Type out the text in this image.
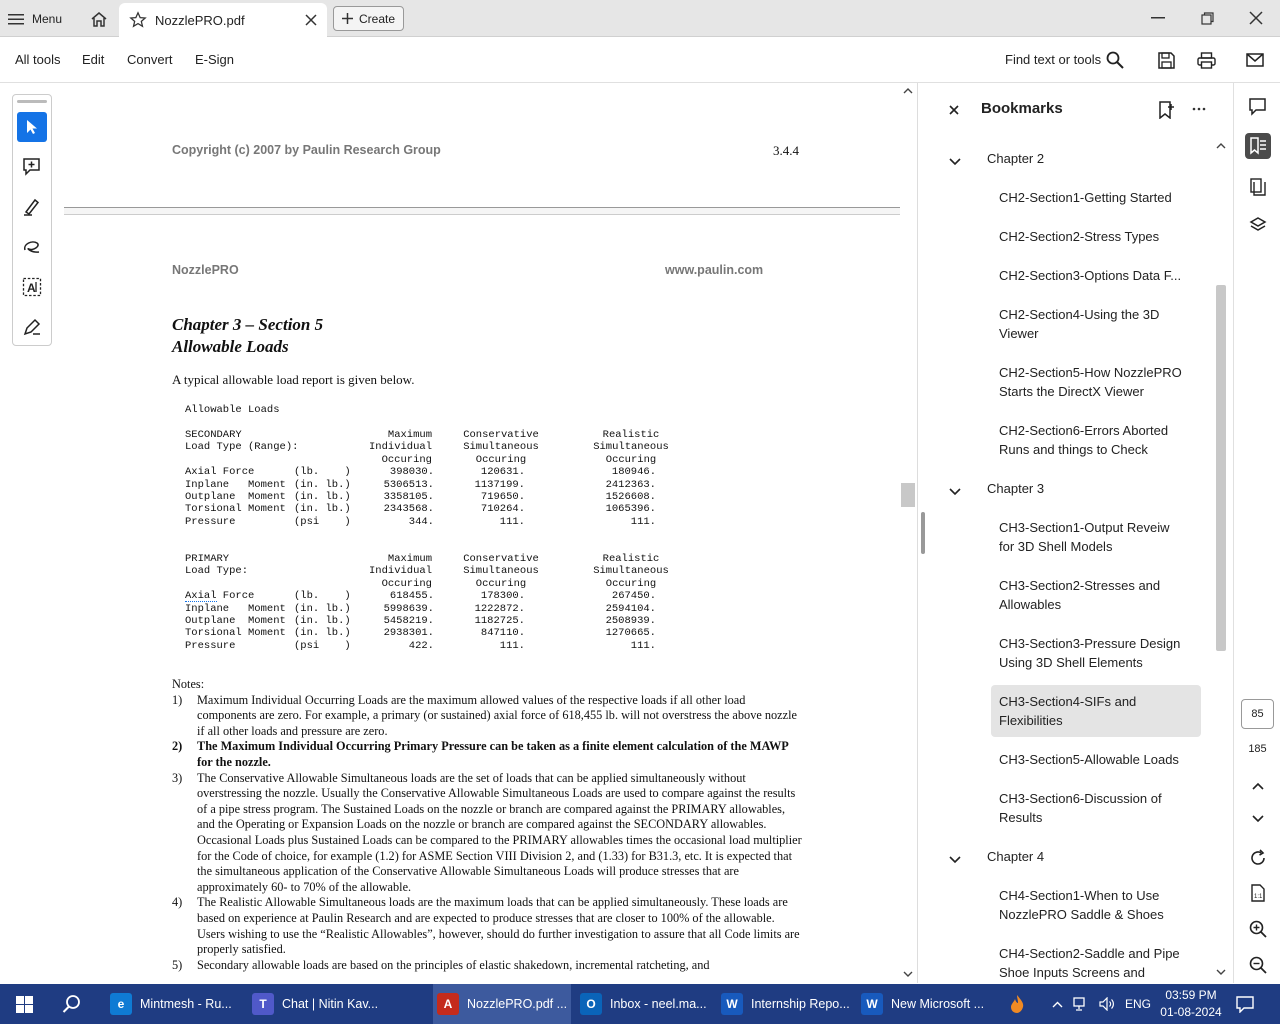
Menu	NozzlePRO.pdf	Create
All tools Edit Convert E-Sign	Find text or tools
A
Copyright (c) 2007 by Paulin Research Group	3.4.4
NozzlePRO	www.paulin.com
Chapter 3 – Section 5
Allowable Loads
A typical allowable load report is given below.
Allowable Loads
SECONDARY
Load Type (Range):
Maximum	Conservative	Realistic
Individual	Simultaneous	Simultaneous
Occuring	Occuring	Occuring
Axial Force	(lb.    )	398030.	120631.	180946.
Inplane   Moment (in. lb.)	5306513.	1137199.	2412363.
Outplane  Moment (in. lb.)	3358105.	719650.	1526608.
Torsional Moment (in. lb.)	2343568.	710264.	1065396.
Pressure	(psi    )	344.	111.	111.
PRIMARY
Load Type:
Maximum	Conservative	Realistic
Individual	Simultaneous	Simultaneous
Occuring	Occuring	Occuring
Axial Force	(lb.    )	618455.	178300.	267450.
Inplane   Moment (in. lb.)	5998639.	1222872.	2594104.
Outplane  Moment (in. lb.)	5458219.	1182725.	2508939.
Torsional Moment (in. lb.)	2938301.	847110.	1270665.
Pressure	(psi    )	422.	111.	111.
Notes:
1)	Maximum Individual Occurring Loads are the maximum allowed values of the respective loads if all other load components are zero. For example, a primary (or sustained) axial force of 618,455 lb. will not overstress the above nozzle if all other loads and pressure are zero.
2)	The Maximum Individual Occurring Primary Pressure can be taken as a finite element calculation of the MAWP for the nozzle.
3)	The Conservative Allowable Simultaneous loads are the set of loads that can be applied simultaneously without overstressing the nozzle. Usually the Conservative Allowable Simultaneous Loads are used to compare against the results of a pipe stress program. The Sustained Loads on the nozzle or branch are compared against the PRIMARY allowables, and the Operating or Expansion Loads on the nozzle or branch are compared against the SECONDARY allowables. Occasional Loads plus Sustained Loads can be compared to the PRIMARY allowables times the occasional load multiplier for the Code of choice, for example (1.2) for ASME Section VIII Division 2, and (1.33) for B31.3, etc. It is expected that the simultaneous application of the Conservative Allowable Simultaneous Loads will produce stresses that are approximately 60- to 70% of the allowable.
4)	The Realistic Allowable Simultaneous loads are the maximum loads that can be applied simultaneously. These loads are based on experience at Paulin Research and are expected to produce stresses that are closer to 100% of the allowable. Users wishing to use the “Realistic Allowables”, however, should do further investigation to assure that all Code limits are properly satisfied.
5)	Secondary allowable loads are based on the principles of elastic shakedown, incremental ratcheting, and
Bookmarks
Chapter 2
CH2-Section1-Getting Started
CH2-Section2-Stress Types
CH2-Section3-Options Data F...
CH2-Section4-Using the 3D
Viewer
CH2-Section5-How NozzlePRO
Starts the DirectX Viewer
CH2-Section6-Errors Aborted
Runs and things to Check
Chapter 3
CH3-Section1-Output Reveiw
for 3D Shell Models
CH3-Section2-Stresses and
Allowables
CH3-Section3-Pressure Design
Using 3D Shell Elements
CH3-Section4-SIFs and
Flexibilities
CH3-Section5-Allowable Loads
CH3-Section6-Discussion of
Results
Chapter 4
CH4-Section1-When to Use
NozzlePRO Saddle & Shoes
CH4-Section2-Saddle and Pipe
Shoe Inputs Screens and
85
185
1:1
e	Mintmesh - Ru...	T	Chat | Nitin Kav...	A	NozzlePRO.pdf ...	O	Inbox - neel.ma...	W	Internship Repo...	W	New Microsoft ...	ENG
03:59 PM
01-08-2024
